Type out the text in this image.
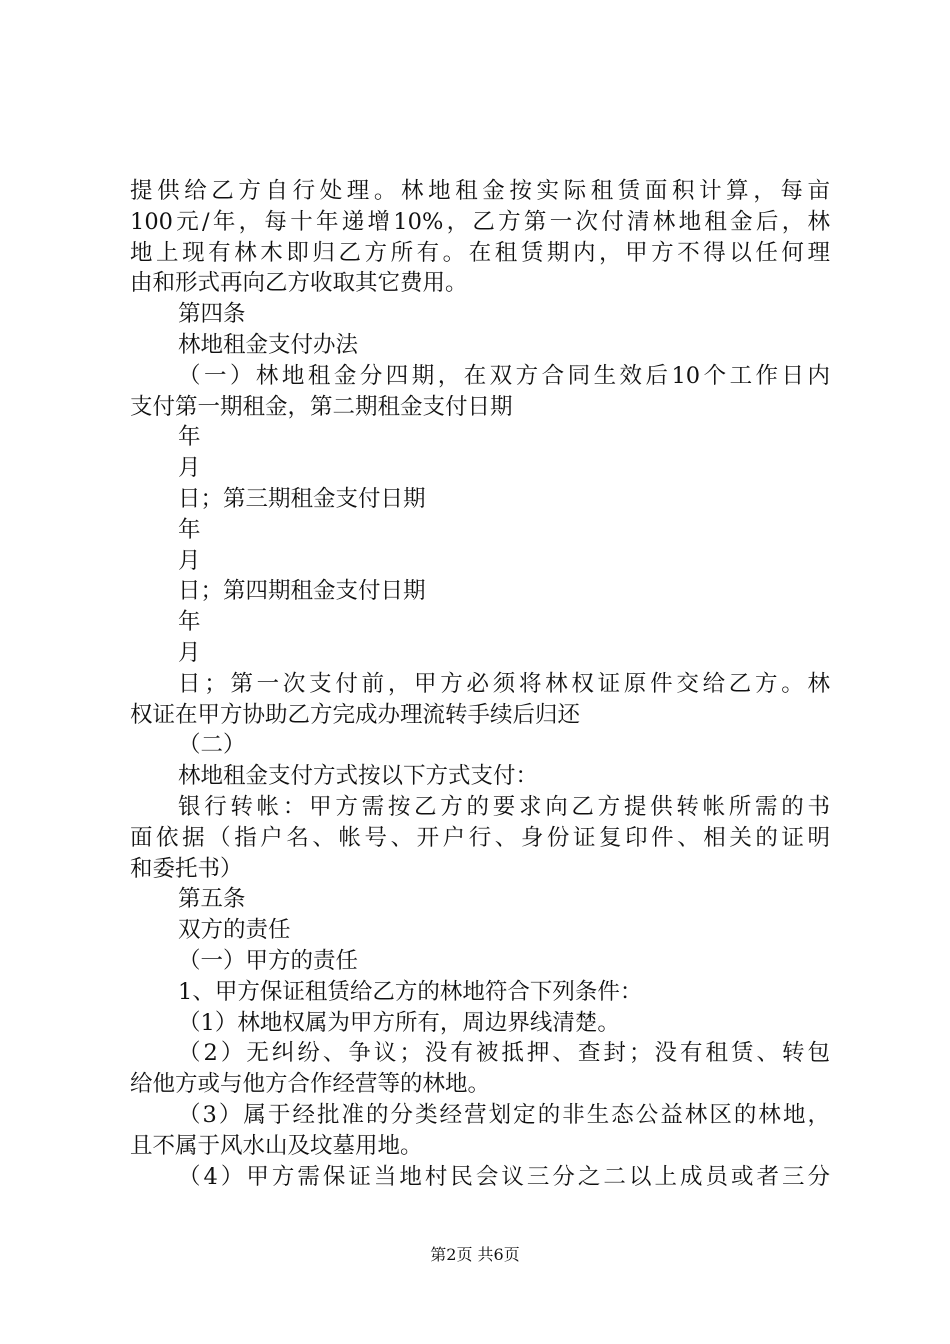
提供给乙方自行处理。林地租金按实际租赁面积计算，每亩
100元/年，每十年递增10%，乙方第一次付清林地租金后，林
地上现有林木即归乙方所有。在租赁期内，甲方不得以任何理
由和形式再向乙方收取其它费用。
第四条
林地租金支付办法
（一）林地租金分四期，在双方合同生效后10个工作日内
支付第一期租金，第二期租金支付日期
年
月
日；第三期租金支付日期
年
月
日；第四期租金支付日期
年
月
日；第一次支付前，甲方必须将林权证原件交给乙方。林
权证在甲方协助乙方完成办理流转手续后归还
（二）
林地租金支付方式按以下方式支付：
银行转帐：甲方需按乙方的要求向乙方提供转帐所需的书
面依据（指户名、帐号、开户行、身份证复印件、相关的证明
和委托书）
第五条
双方的责任
（一）甲方的责任
1、甲方保证租赁给乙方的林地符合下列条件：
（1）林地权属为甲方所有，周边界线清楚。
（2）无纠纷、争议；没有被抵押、查封；没有租赁、转包
给他方或与他方合作经营等的林地。
（3）属于经批准的分类经营划定的非生态公益林区的林地，
且不属于风水山及坟墓用地。
（4）甲方需保证当地村民会议三分之二以上成员或者三分
第2页 共6页
